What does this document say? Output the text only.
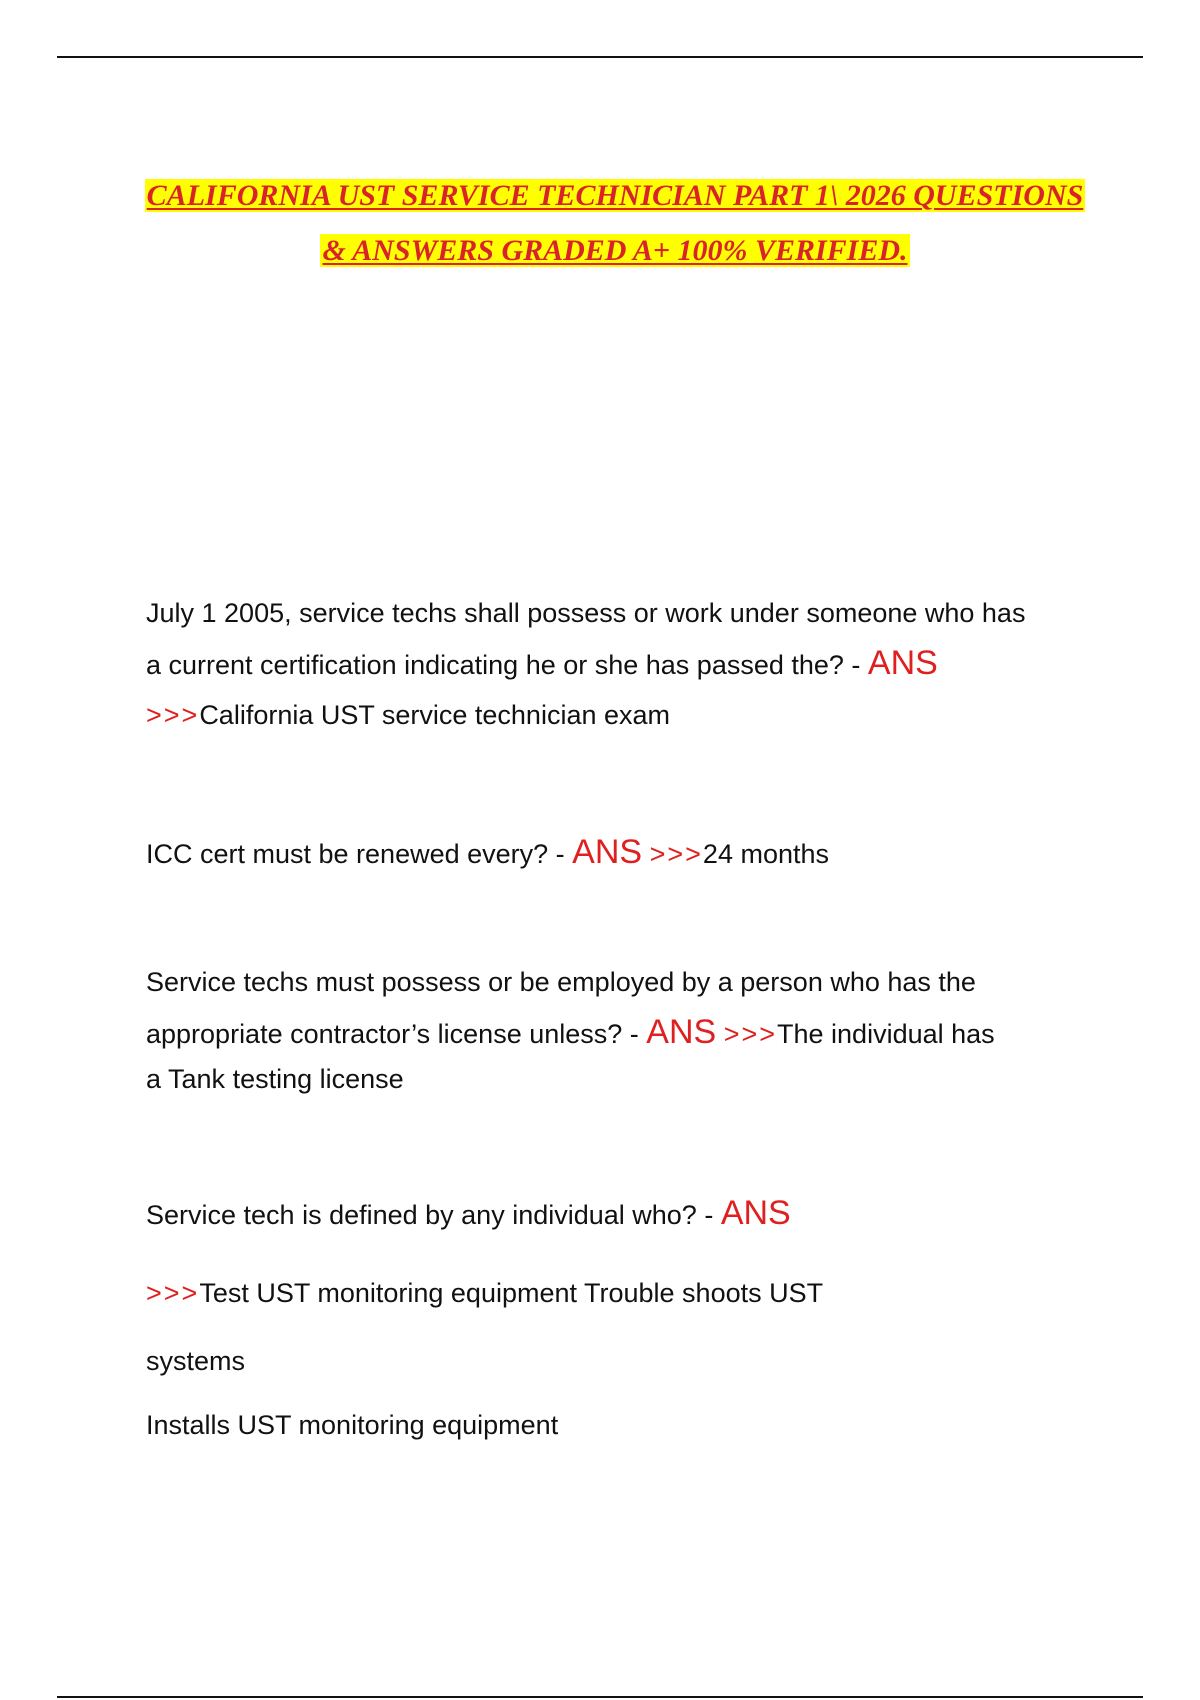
CALIFORNIA UST SERVICE TECHNICIAN PART 1\ 2026 QUESTIONS
& ANSWERS GRADED A+ 100% VERIFIED.
July 1 2005, service techs shall possess or work under someone who has
a current certification indicating he or she has passed the? - ANS
>>>California UST service technician exam
ICC cert must be renewed every? - ANS >>>24 months
Service techs must possess or be employed by a person who has the
appropriate contractor’s license unless? - ANS >>>The individual has
a Tank testing license
Service tech is defined by any individual who? - ANS
>>>Test UST monitoring equipment Trouble shoots UST
systems
Installs UST monitoring equipment
